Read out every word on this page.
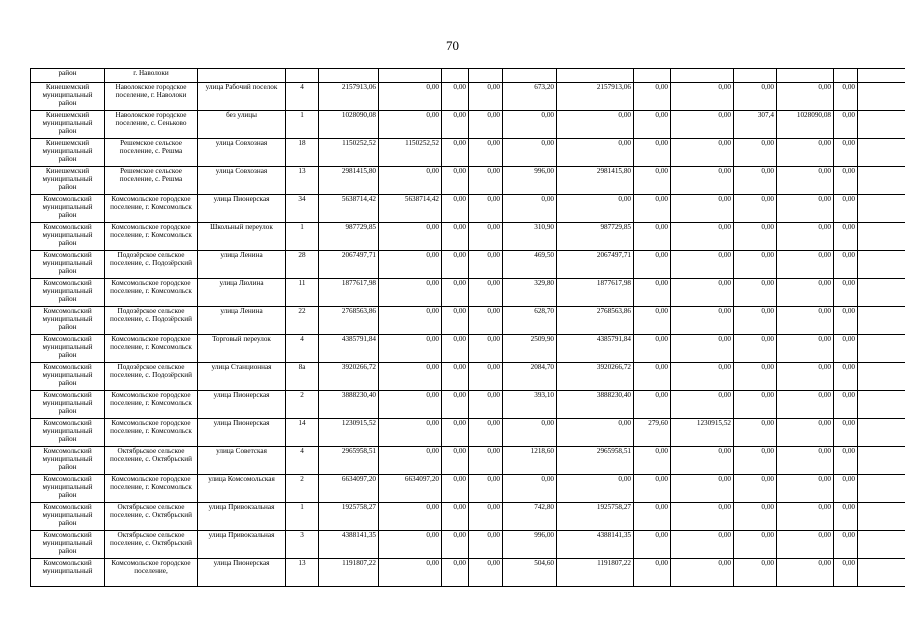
70
район	г. Наволоки														
Кинешемский муниципальный район	Наволокское городское поселение, г. Наволоки	улица Рабочий поселок	4	2157913,06	0,00	0,00	0,00	673,20	2157913,06	0,00	0,00	0,00	0,00	0,00	
Кинешемский муниципальный район	Наволокское городское поселение, с. Сеньково	без улицы	1	1028090,08	0,00	0,00	0,00	0,00	0,00	0,00	0,00	307,4	1028090,08	0,00	
Кинешемский муниципальный район	Решемское сельское поселение, с. Решма	улица Совхозная	18	1150252,52	1150252,52	0,00	0,00	0,00	0,00	0,00	0,00	0,00	0,00	0,00	
Кинешемский муниципальный район	Решемское сельское поселение, с. Решма	улица Совхозная	13	2981415,80	0,00	0,00	0,00	996,00	2981415,80	0,00	0,00	0,00	0,00	0,00	
Комсомольский муниципальный район	Комсомольское городское поселение, г. Комсомольск	улица Пионерская	34	5638714,42	5638714,42	0,00	0,00	0,00	0,00	0,00	0,00	0,00	0,00	0,00	
Комсомольский муниципальный район	Комсомольское городское поселение, г. Комсомольск	Школьный переулок	1	987729,85	0,00	0,00	0,00	310,90	987729,85	0,00	0,00	0,00	0,00	0,00	
Комсомольский муниципальный район	Подозёрское сельское поселение, с. Подозёрский	улица Ленина	28	2067497,71	0,00	0,00	0,00	469,50	2067497,71	0,00	0,00	0,00	0,00	0,00	
Комсомольский муниципальный район	Комсомольское городское поселение, г. Комсомольск	улица Люлина	11	1877617,98	0,00	0,00	0,00	329,80	1877617,98	0,00	0,00	0,00	0,00	0,00	
Комсомольский муниципальный район	Подозёрское сельское поселение, с. Подозёрский	улица Ленина	22	2768563,86	0,00	0,00	0,00	628,70	2768563,86	0,00	0,00	0,00	0,00	0,00	
Комсомольский муниципальный район	Комсомольское городское поселение, г. Комсомольск	Торговый переулок	4	4385791,84	0,00	0,00	0,00	2509,90	4385791,84	0,00	0,00	0,00	0,00	0,00	
Комсомольский муниципальный район	Подозёрское сельское поселение, с. Подозёрский	улица Станционная	8а	3920266,72	0,00	0,00	0,00	2084,70	3920266,72	0,00	0,00	0,00	0,00	0,00	
Комсомольский муниципальный район	Комсомольское городское поселение, г. Комсомольск	улица Пионерская	2	3888230,40	0,00	0,00	0,00	393,10	3888230,40	0,00	0,00	0,00	0,00	0,00	
Комсомольский муниципальный район	Комсомольское городское поселение, г. Комсомольск	улица Пионерская	14	1230915,52	0,00	0,00	0,00	0,00	0,00	279,60	1230915,52	0,00	0,00	0,00	
Комсомольский муниципальный район	Октябрьское сельское поселение, с. Октябрьский	улица Советская	4	2965958,51	0,00	0,00	0,00	1218,60	2965958,51	0,00	0,00	0,00	0,00	0,00	
Комсомольский муниципальный район	Комсомольское городское поселение, г. Комсомольск	улица Комсомольская	2	6634097,20	6634097,20	0,00	0,00	0,00	0,00	0,00	0,00	0,00	0,00	0,00	
Комсомольский муниципальный район	Октябрьское сельское поселение, с. Октябрьский	улица Привокзальная	1	1925758,27	0,00	0,00	0,00	742,80	1925758,27	0,00	0,00	0,00	0,00	0,00	
Комсомольский муниципальный район	Октябрьское сельское поселение, с. Октябрьский	улица Привокзальная	3	4388141,35	0,00	0,00	0,00	996,00	4388141,35	0,00	0,00	0,00	0,00	0,00	
Комсомольский муниципальный	Комсомольское городское поселение,	улица Пионерская	13	1191807,22	0,00	0,00	0,00	504,60	1191807,22	0,00	0,00	0,00	0,00	0,00	
